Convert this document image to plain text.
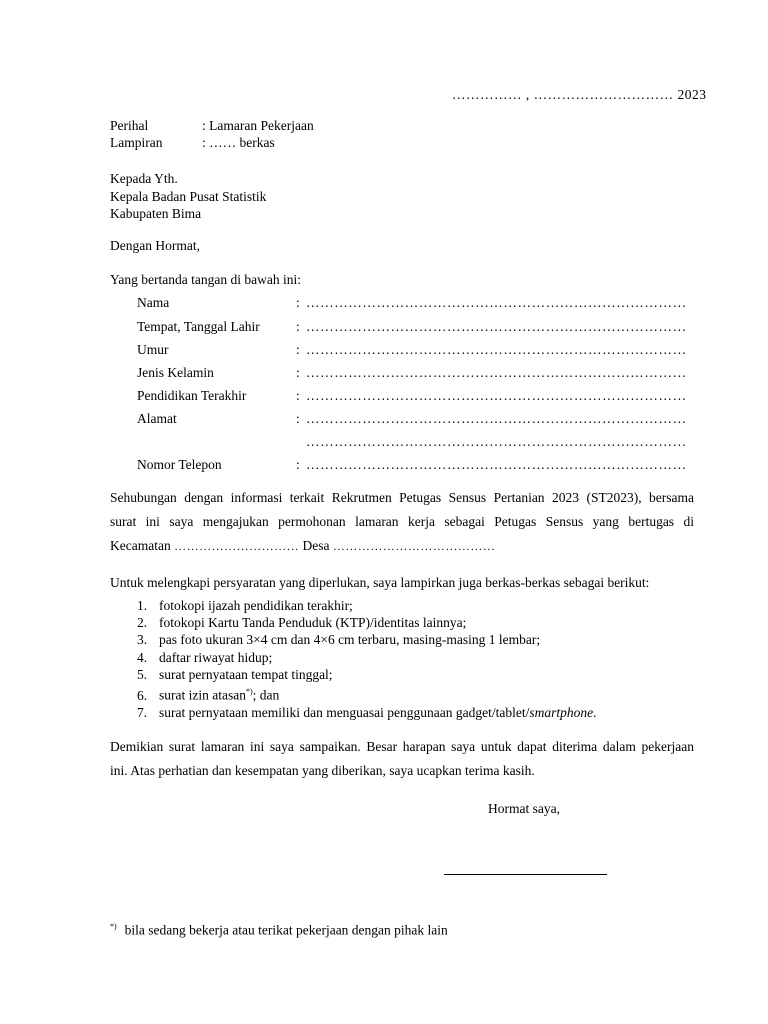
…………… , ………………………… 2023
Perihal	: Lamaran Pekerjaan
Lampiran	: …… berkas
Kepada Yth.
Kepala Badan Pusat Statistik
Kabupaten Bima
Dengan Hormat,
Yang bertanda tangan di bawah ini:
Nama	: ………………………………………………………………………
Tempat, Tanggal Lahir	: ………………………………………………………………………
Umur	: ………………………………………………………………………
Jenis Kelamin	: ………………………………………………………………………
Pendidikan Terakhir	: ………………………………………………………………………
Alamat	: ………………………………………………………………………
………………………………………………………………………
Nomor Telepon	: ………………………………………………………………………
Sehubungan dengan informasi terkait Rekrutmen Petugas Sensus Pertanian 2023 (ST2023), bersama
surat ini saya mengajukan permohonan lamaran kerja sebagai Petugas Sensus yang bertugas di
Kecamatan ………………………… Desa …………………………………
Untuk melengkapi persyaratan yang diperlukan, saya lampirkan juga berkas-berkas sebagai berikut:
1. fotokopi ijazah pendidikan terakhir;
2. fotokopi Kartu Tanda Penduduk (KTP)/identitas lainnya;
3. pas foto ukuran 3×4 cm dan 4×6 cm terbaru, masing-masing 1 lembar;
4. daftar riwayat hidup;
5. surat pernyataan tempat tinggal;
6. surat izin atasan*); dan
7. surat pernyataan memiliki dan menguasai penggunaan gadget/tablet/smartphone.
Demikian surat lamaran ini saya sampaikan. Besar harapan saya untuk dapat diterima dalam pekerjaan
ini. Atas perhatian dan kesempatan yang diberikan, saya ucapkan terima kasih.
Hormat saya,
*) bila sedang bekerja atau terikat pekerjaan dengan pihak lain
